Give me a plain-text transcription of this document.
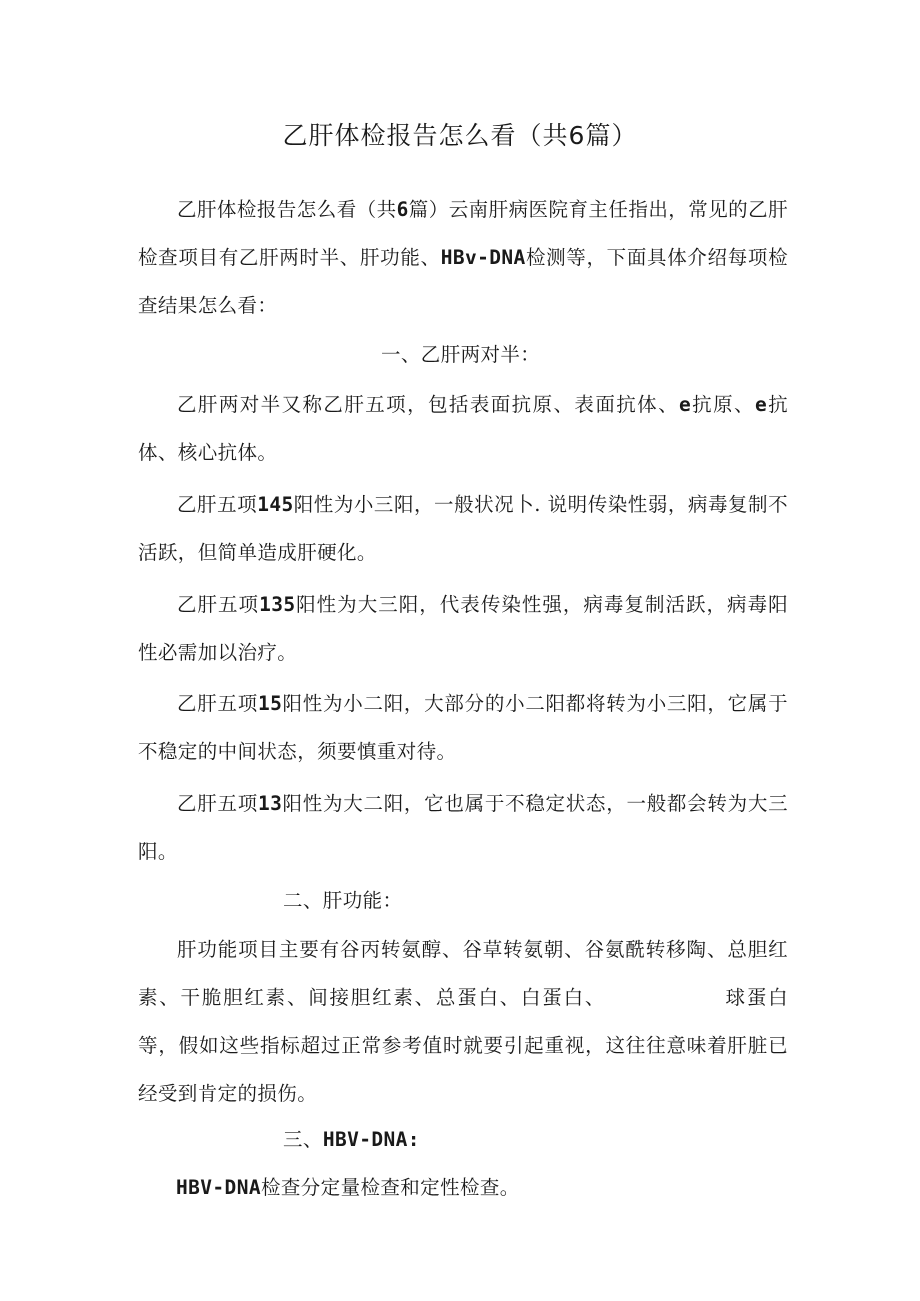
乙肝体检报告怎么看（共6篇）
乙肝体检报告怎么看（共6篇）云南肝病医院育主任指出，常见的乙肝检查项目有乙肝两时半、肝功能、HBv-DNA检测等，下面具体介绍每项检查结果怎么看：
一、乙肝两对半：
乙肝两对半又称乙肝五项，包括表面抗原、表面抗体、e抗原、e抗体、核心抗体。
乙肝五项145阳性为小三阳，一般状况卜. 说明传染性弱，病毒复制不活跃，但简单造成肝硬化。
乙肝五项135阳性为大三阳，代表传染性强，病毒复制活跃，病毒阳性必需加以治疗。
乙肝五项15阳性为小二阳，大部分的小二阳都将转为小三阳，它属于不稳定的中间状态，须要慎重对待。
乙肝五项13阳性为大二阳，它也属于不稳定状态，一般都会转为大三阳。
二、肝功能：
肝功能项目主要有谷丙转氨醇、谷草转氨朝、谷氨酰转移陶、总胆红素、干脆胆红素、间接胆红素、总蛋白、白蛋白、	球蛋白等，假如这些指标超过正常参考值时就要引起重视，这往往意味着肝脏已经受到肯定的损伤。
三、HBV-DNA:
HBV-DNA检查分定量检查和定性检查。
